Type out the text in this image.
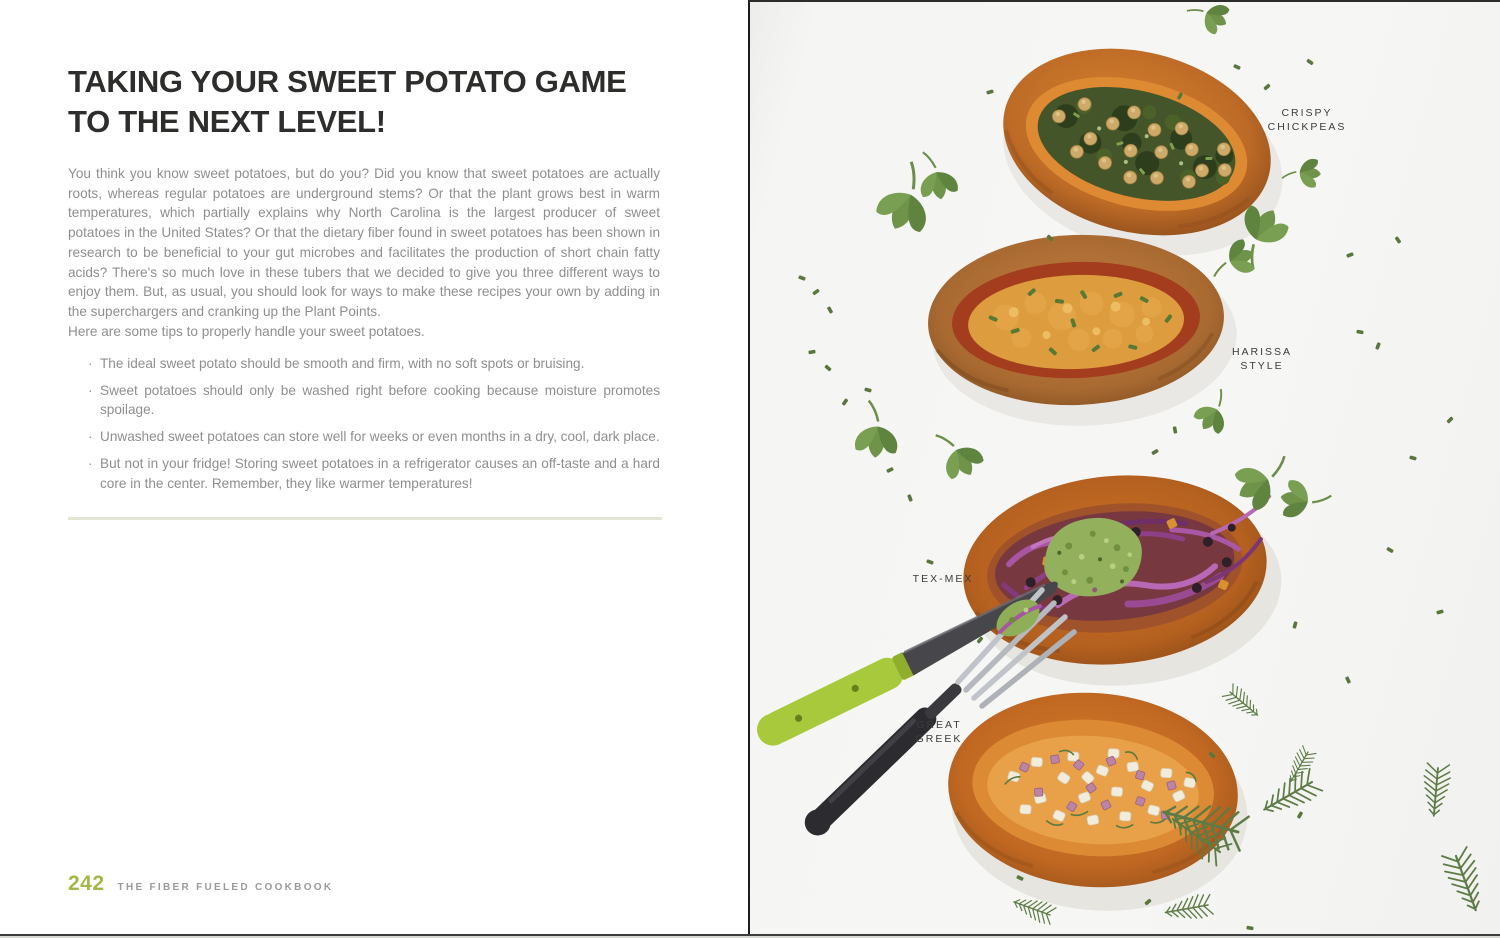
TAKING YOUR SWEET POTATO GAME
TO THE NEXT LEVEL!

You think you know sweet potatoes, but do you? Did you know that sweet potatoes are actually roots, whereas regular potatoes are underground stems? Or that the plant grows best in warm temperatures, which partially explains why North Carolina is the largest producer of sweet potatoes in the United States? Or that the dietary fiber found in sweet potatoes has been shown in research to be beneficial to your gut microbes and facilitates the production of short chain fatty acids? There's so much love in these tubers that we decided to give you three different ways to enjoy them. But, as usual, you should look for ways to make these recipes your own by adding in the superchargers and cranking up the Plant Points.

Here are some tips to properly handle your sweet potatoes.

· The ideal sweet potato should be smooth and firm, with no soft spots or bruising.
· Sweet potatoes should only be washed right before cooking because moisture promotes spoilage.
· Unwashed sweet potatoes can store well for weeks or even months in a dry, cool, dark place.
· But not in your fridge! Storing sweet potatoes in a refrigerator causes an off-taste and a hard core in the center. Remember, they like warmer temperatures!
242 THE FIBER FUELED COOKBOOK
CRISPY
CHICKPEAS
HARISSA
STYLE
TEX-MEX
GREAT
GREEK
